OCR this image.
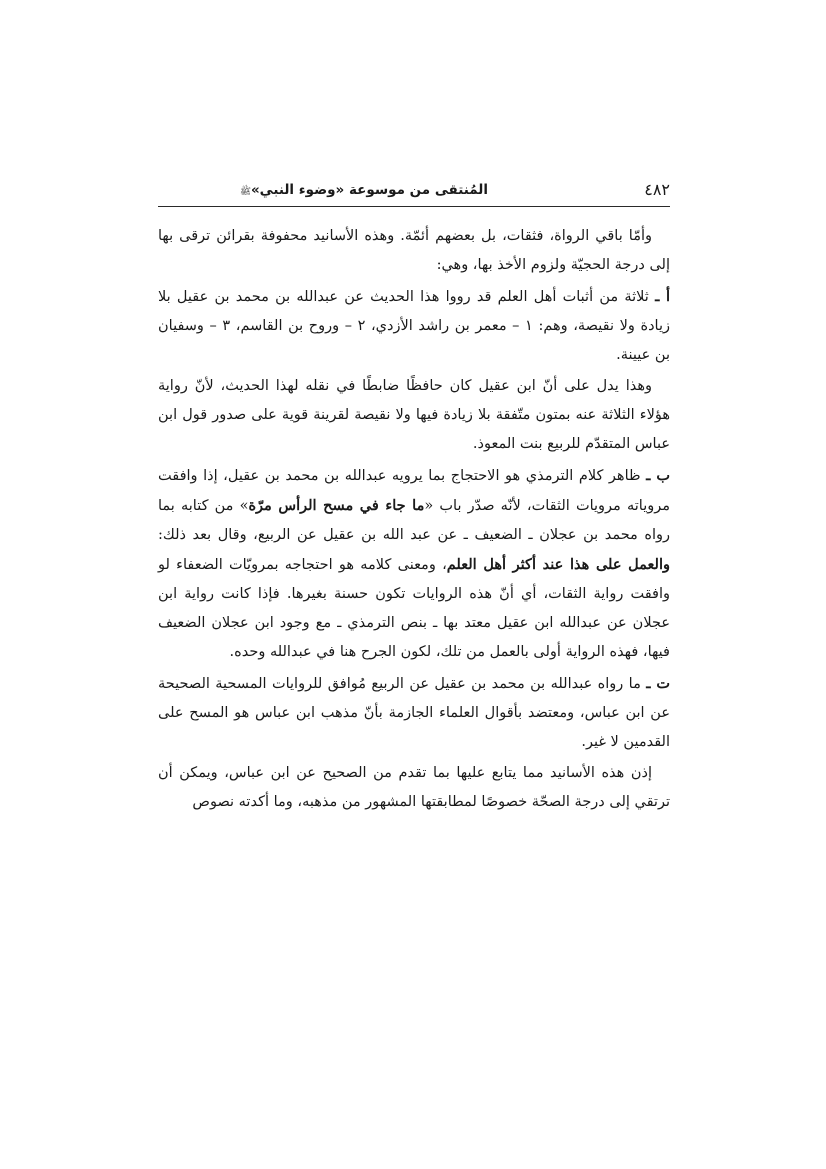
٤٨٢
المُنتقى من موسوعة «وضوء النبي»ﷺ

وأمّا باقي الرواة، فثقات، بل بعضهم أئمّة. وهذه الأسانيد محفوفة بقرائن ترقى بها إلى درجة الحجيّة ولزوم الأخذ بها، وهي:

أ ـ ثلاثة من أثبات أهل العلم قد رووا هذا الحديث عن عبدالله بن محمد بن عقيل بلا زيادة ولا نقيصة، وهم: ١ – معمر بن راشد الأزدي، ٢ – وروح بن القاسم، ٣ – وسفيان بن عيينة.

وهذا يدل على أنّ ابن عقيل كان حافظًا ضابطًا في نقله لهذا الحديث، لأنّ رواية هؤلاء الثلاثة عنه بمتون متّفقة بلا زيادة فيها ولا نقيصة لقرينة قوية على صدور قول ابن عباس المتقدّم للربيع بنت المعوذ.

ب ـ ظاهر كلام الترمذي هو الاحتجاج بما يرويه عبدالله بن محمد بن عقيل، إذا وافقت مروياته مرويات الثقات، لأنّه صدّر باب «ما جاء في مسح الرأس مرّة» من كتابه بما رواه محمد بن عجلان ـ الضعيف ـ عن عبد الله بن عقيل عن الربيع، وقال بعد ذلك: والعمل على هذا عند أكثر أهل العلم، ومعنى كلامه هو احتجاجه بمرويّات الضعفاء لو وافقت رواية الثقات، أي أنّ هذه الروايات تكون حسنة بغيرها. فإذا كانت رواية ابن عجلان عن عبدالله ابن عقيل معتد بها ـ بنص الترمذي ـ مع وجود ابن عجلان الضعيف فيها، فهذه الرواية أولى بالعمل من تلك، لكون الجرح هنا في عبدالله وحده.

ت ـ ما رواه عبدالله بن محمد بن عقيل عن الربيع مُوافق للروايات المسحية الصحيحة عن ابن عباس، ومعتضد بأقوال العلماء الجازمة بأنّ مذهب ابن عباس هو المسح على القدمين لا غير.

إذن هذه الأسانيد مما يتابع عليها بما تقدم من الصحيح عن ابن عباس، ويمكن أن ترتقي إلى درجة الصحّة خصوصًا لمطابقتها المشهور من مذهبه، وما أكدته نصوص
